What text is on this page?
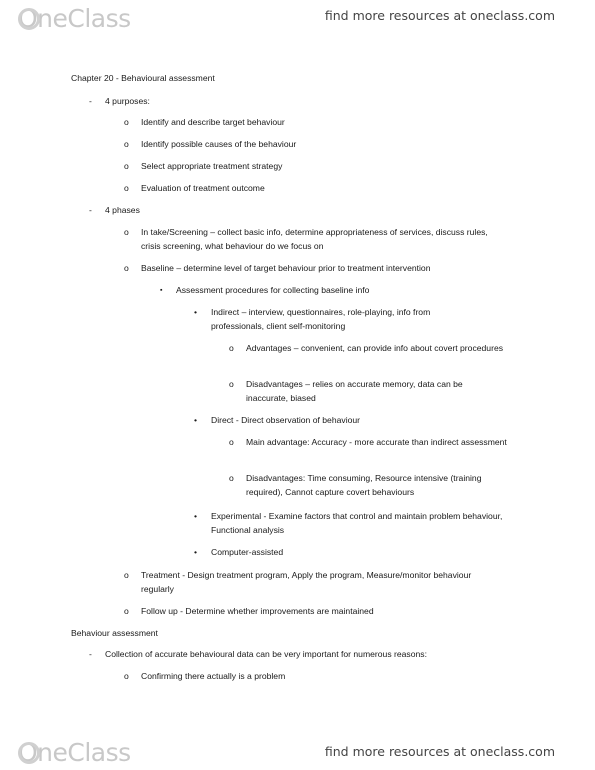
OneClass	find more resources at oneclass.com
Chapter 20 - Behavioural assessment
- 4 purposes:
o Identify and describe target behaviour
o Identify possible causes of the behaviour
o Select appropriate treatment strategy
o Evaluation of treatment outcome
- 4 phases
o In take/Screening – collect basic info, determine appropriateness of services, discuss rules, crisis screening, what behaviour do we focus on
o Baseline – determine level of target behaviour prior to treatment intervention
▪ Assessment procedures for collecting baseline info
• Indirect – interview, questionnaires, role-playing, info from professionals, client self-monitoring
o Advantages – convenient, can provide info about covert procedures
o Disadvantages – relies on accurate memory, data can be inaccurate, biased
• Direct - Direct observation of behaviour
o Main advantage: Accuracy - more accurate than indirect assessment
o Disadvantages: Time consuming, Resource intensive (training required), Cannot capture covert behaviours
• Experimental - Examine factors that control and maintain problem behaviour, Functional analysis
• Computer-assisted
o Treatment - Design treatment program, Apply the program, Measure/monitor behaviour regularly
o Follow up - Determine whether improvements are maintained
Behaviour assessment
- Collection of accurate behavioural data can be very important for numerous reasons:
o Confirming there actually is a problem
OneClass	find more resources at oneclass.com
